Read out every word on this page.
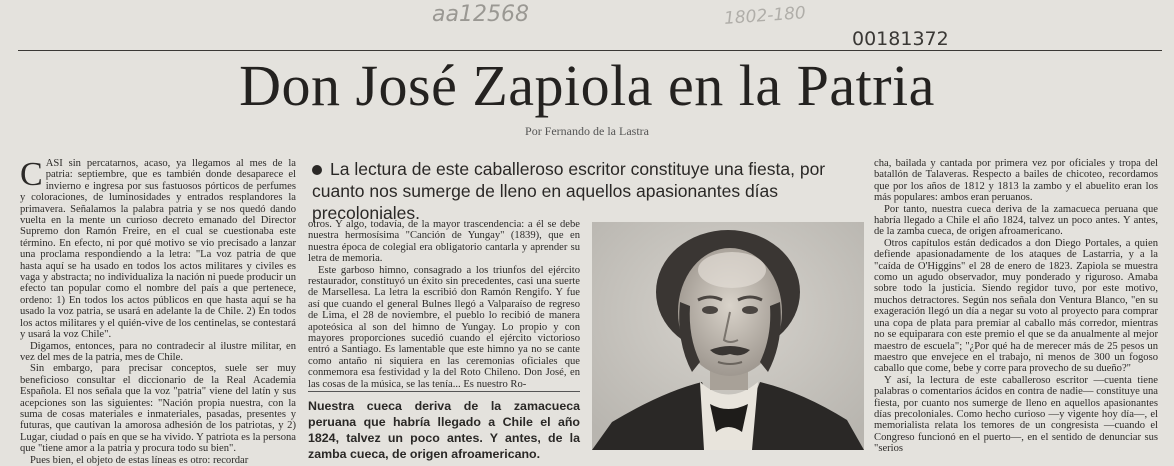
aa12568	1802-180
00181372
Don José Zapiola en la Patria
Por Fernando de la Lastra
C ASI sin percatarnos, acaso, ya llegamos al mes de la patria: septiembre, que es también donde desaparece el invierno e ingresa por sus fastuosos pórticos de perfumes y coloraciones, de luminosidades y entrados resplandores la primavera. Señalamos la palabra patria y se nos quedó dando vuelta en la mente un curioso decreto emanado del Director Supremo don Ramón Freire, en el cual se cuestionaba este término. En efecto, ni por qué motivo se vio precisado a lanzar una proclama respondiendo a la letra: "La voz patria de que hasta aquí se ha usado en todos los actos militares y civiles es vaga y abstracta; no individualiza la nación ni puede producir un efecto tan popular como el nombre del país a que pertenece, ordeno: 1) En todos los actos públicos en que hasta aquí se ha usado la voz patria, se usará en adelante la de Chile. 2) En todos los actos militares y el quién-vive de los centinelas, se contestará y usará la voz Chile".

Digamos, entonces, para no contradecir al ilustre militar, en vez del mes de la patria, mes de Chile.

Sin embargo, para precisar conceptos, suele ser muy beneficioso consultar el diccionario de la Real Academia Española. El nos señala que la voz "patria" viene del latín y sus acepciones son las siguientes: "Nación propia nuestra, con la suma de cosas materiales e inmateriales, pasadas, presentes y futuras, que cautivan la amorosa adhesión de los patriotas, y 2) Lugar, ciudad o país en que se ha vivido. Y patriota es la persona que "tiene amor a la patria y procura todo su bien".

Pues bien, el objeto de estas líneas es otro: recordar

La lectura de este caballeroso escritor constituye una fiesta, por cuanto nos sumerge de lleno en aquellos apasionantes días precoloniales.

otros. Y algo, todavía, de la mayor trascendencia: a él se debe nuestra hermosísima "Canción de Yungay" (1839), que en nuestra época de colegial era obligatorio cantarla y aprender su letra de memoria.

Este garboso himno, consagrado a los triunfos del ejército restaurador, constituyó un éxito sin precedentes, casi una suerte de Marsellesa. La letra la escribió don Ramón Rengifo. Y fue así que cuando el general Bulnes llegó a Valparaíso de regreso de Lima, el 28 de noviembre, el pueblo lo recibió de manera apoteósica al son del himno de Yungay. Lo propio y con mayores proporciones sucedió cuando el ejército victorioso entró a Santiago. Es lamentable que este himno ya no se cante como antaño ni siquiera en las ceremonias oficiales que conmemora esa festividad y la del Roto Chileno. Don José, en las cosas de la música, se las tenía... Es nuestro Ro-

Nuestra cueca deriva de la zamacueca peruana que habría llegado a Chile el año 1824, talvez un poco antes. Y antes, de la zamba cueca, de origen afroamericano.

cha, bailada y cantada por primera vez por oficiales y tropa del batallón de Talaveras. Respecto a bailes de chicoteo, recordamos que por los años de 1812 y 1813 la zambo y el abuelito eran los más populares: ambos eran peruanos.

Por tanto, nuestra cueca deriva de la zamacueca peruana que habría llegado a Chile el año 1824, talvez un poco antes. Y antes, de la zamba cueca, de origen afroamericano.

Otros capítulos están dedicados a don Diego Portales, a quien defiende apasionadamente de los ataques de Lastarria, y a la "caída de O'Higgins" el 28 de enero de 1823. Zapiola se muestra como un agudo observador, muy ponderado y riguroso. Amaba sobre todo la justicia. Siendo regidor tuvo, por este motivo, muchos detractores. Según nos señala don Ventura Blanco, "en su exageración llegó un día a negar su voto al proyecto para comprar una copa de plata para premiar al caballo más corredor, mientras no se equiparara con este premio el que se da anualmente al mejor maestro de escuela"; "¿Por qué ha de merecer más de 25 pesos un maestro que envejece en el trabajo, ni menos de 300 un fogoso caballo que come, bebe y corre para provecho de su dueño?"

Y así, la lectura de este caballeroso escritor —cuenta tiene palabras o comentarios ácidos en contra de nadie— constituye una fiesta, por cuanto nos sumerge de lleno en aquellos apasionantes días precoloniales. Como hecho curioso —y vigente hoy día—, el memorialista relata los temores de un congresista —cuando el Congreso funcionó en el puerto—, en el sentido de denunciar sus "serios
